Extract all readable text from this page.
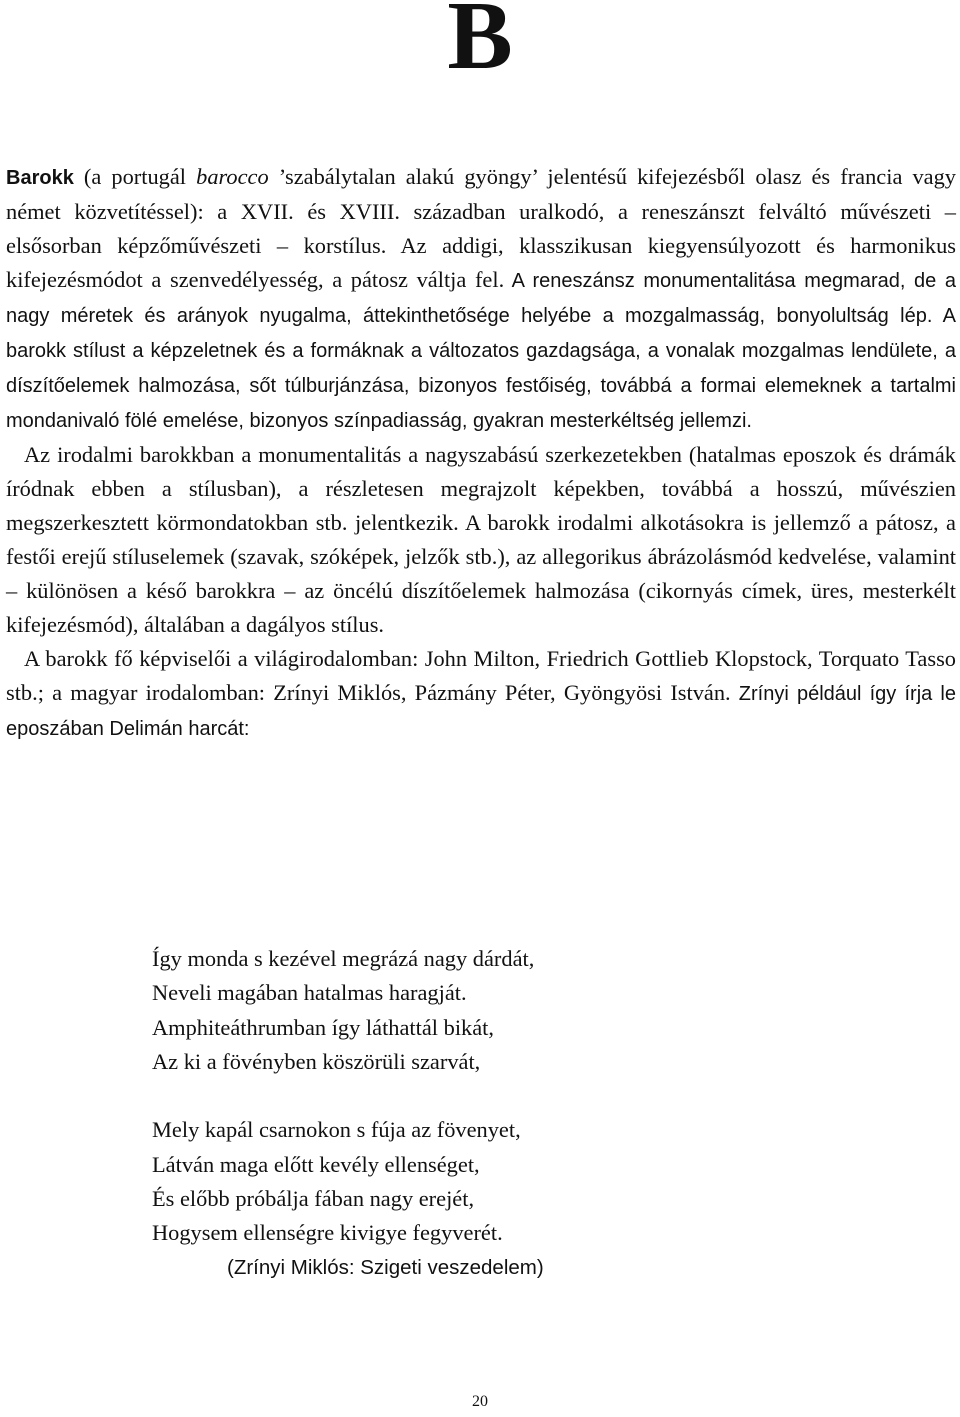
B

Barokk (a portugál barocco ’szabálytalan alakú gyöngy’ jelentésű kifejezésből olasz és francia vagy német közvetítéssel): a XVII. és XVIII. században uralkodó, a reneszánszt felváltó művészeti – elsősorban képzőművészeti – korstílus. Az addigi, klasszikusan kiegyensúlyozott és harmonikus kifejezésmódot a szenvedélyesség, a pátosz váltja fel. A reneszánsz monumentalitása megmarad, de a nagy méretek és arányok nyugalma, áttekinthetősége helyébe a mozgalmasság, bonyolultság lép. A barokk stílust a képzeletnek és a formáknak a változatos gazdagsága, a vonalak mozgalmas lendülete, a díszítőelemek halmozása, sőt túlburjánzása, bizonyos festőiség, továbbá a formai elemeknek a tartalmi mondanivaló fölé emelése, bizonyos színpadiasság, gyakran mesterkéltség jellemzi.

Az irodalmi barokkban a monumentalitás a nagyszabású szerkezetekben (hatalmas eposzok és drámák íródnak ebben a stílusban), a részletesen megrajzolt képekben, továbbá a hosszú, művészien megszerkesztett körmondatokban stb. jelentkezik. A barokk irodalmi alkotásokra is jellemző a pátosz, a festői erejű stíluselemek (szavak, szóképek, jelzők stb.), az allegorikus ábrázolásmód kedvelése, valamint – különösen a késő barokkra – az öncélú díszítőelemek halmozása (cikornyás címek, üres, mesterkélt kifejezésmód), általában a dagályos stílus.

A barokk fő képviselői a világirodalomban: John Milton, Friedrich Gottlieb Klopstock, Torquato Tasso stb.; a magyar irodalomban: Zrínyi Miklós, Pázmány Péter, Gyöngyösi István. Zrínyi például így írja le eposzában Delimán harcát:

Így monda s kezével megrázá nagy dárdát,
Neveli magában hatalmas haragját.
Amphiteáthrumban így láthattál bikát,
Az ki a fövényben köszörüli szarvát,
Mely kapál csarnokon s fúja az fövenyet,
Látván maga előtt kevély ellenséget,
És előbb próbálja fában nagy erejét,
Hogysem ellenségre kivigye fegyverét.
(Zrínyi Miklós: Szigeti veszedelem)
20
